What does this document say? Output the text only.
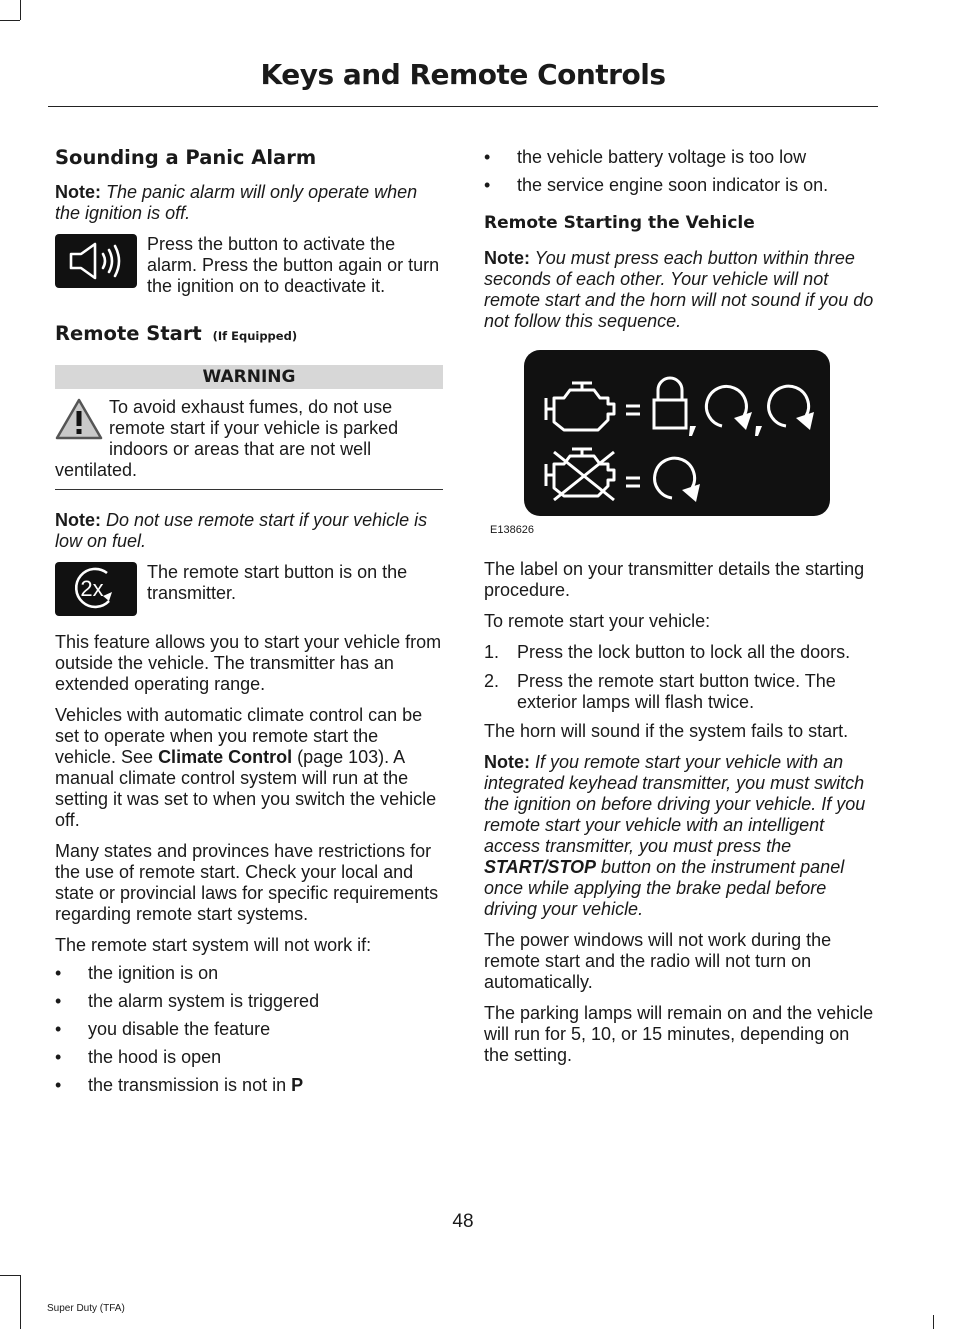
Keys and Remote Controls
Sounding a Panic Alarm
Note: The panic alarm will only operate when the ignition is off.
Press the button to activate the alarm. Press the button again or turn the ignition on to deactivate it.
Remote Start (If Equipped)
WARNING
To avoid exhaust fumes, do not use remote start if your vehicle is parked indoors or areas that are not well ventilated.
Note: Do not use remote start if your vehicle is low on fuel.
2x
The remote start button is on the transmitter.
This feature allows you to start your vehicle from outside the vehicle. The transmitter has an extended operating range.
Vehicles with automatic climate control can be set to operate when you remote start the vehicle. See Climate Control (page 103). A manual climate control system will run at the setting it was set to when you switch the vehicle off.
Many states and provinces have restrictions for the use of remote start. Check your local and state or provincial laws for specific requirements regarding remote start systems.
The remote start system will not work if:
• the ignition is on
• the alarm system is triggered
• you disable the feature
• the hood is open
• the transmission is not in P
• the vehicle battery voltage is too low
• the service engine soon indicator is on.
Remote Starting the Vehicle
Note: You must press each button within three seconds of each other. Your vehicle will not remote start and the horn will not sound if you do not follow this sequence.
E138626
The label on your transmitter details the starting procedure.
To remote start your vehicle:
1. Press the lock button to lock all the doors.
2. Press the remote start button twice. The exterior lamps will flash twice.
The horn will sound if the system fails to start.
Note: If you remote start your vehicle with an integrated keyhead transmitter, you must switch the ignition on before driving your vehicle. If you remote start your vehicle with an intelligent access transmitter, you must press the START/STOP button on the instrument panel once while applying the brake pedal before driving your vehicle.
The power windows will not work during the remote start and the radio will not turn on automatically.
The parking lamps will remain on and the vehicle will run for 5, 10, or 15 minutes, depending on the setting.
48
Super Duty (TFA)
